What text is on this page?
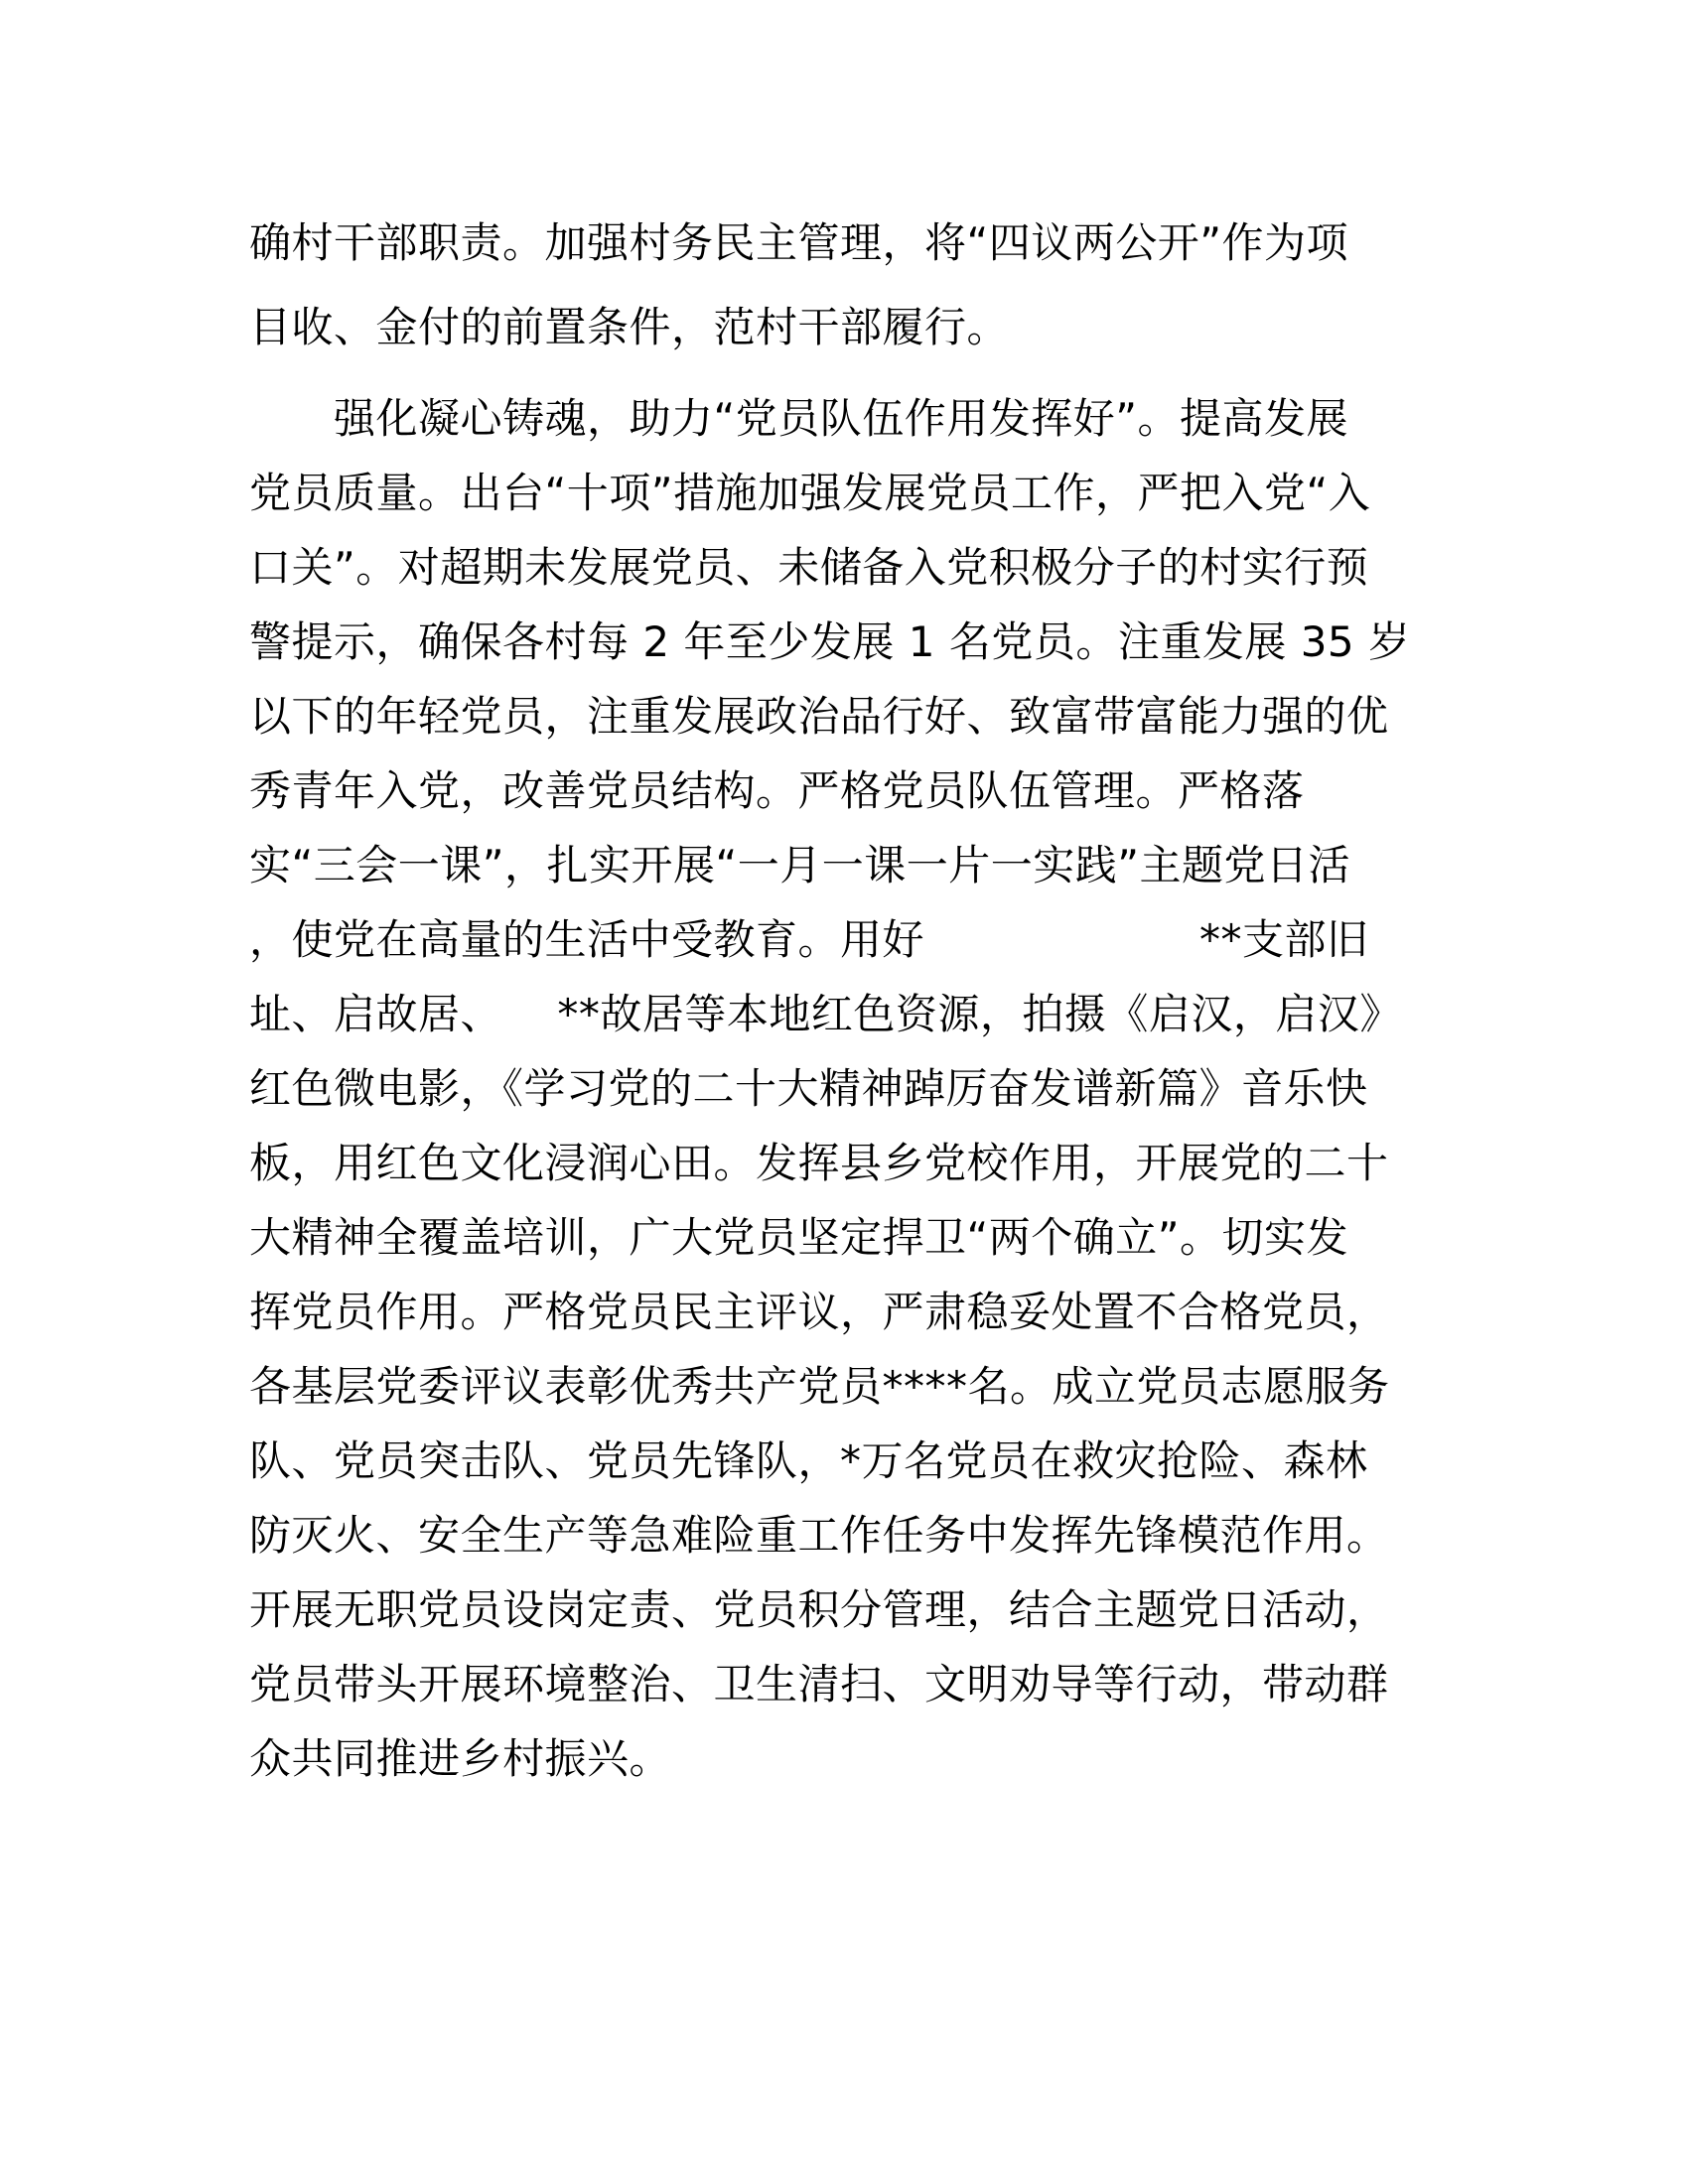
确村干部职责。加强村务民主管理，将“四议两公开”作为项
目收、金付的前置条件，范村干部履行。
　　强化凝心铸魂，助力“党员队伍作用发挥好”。提高发展
党员质量。出台“十项”措施加强发展党员工作，严把入党“入
口关”。对超期未发展党员、未储备入党积极分子的村实行预
警提示，确保各村每 2 年至少发展 1 名党员。注重发展 35 岁
以下的年轻党员，注重发展政治品行好、致富带富能力强的优
秀青年入党，改善党员结构。严格党员队伍管理。严格落
实“三会一课”，扎实开展“一月一课一片一实践”主题党日活
，使党在高量的生活中受教育。用好                    **支部旧
址、启故居、    **故居等本地红色资源，拍摄《启汉，启汉》
红色微电影，《学习党的二十大精神踔厉奋发谱新篇》音乐快
板，用红色文化浸润心田。发挥县乡党校作用，开展党的二十
大精神全覆盖培训，广大党员坚定捍卫“两个确立”。切实发
挥党员作用。严格党员民主评议，严肃稳妥处置不合格党员，
各基层党委评议表彰优秀共产党员****名。成立党员志愿服务
队、党员突击队、党员先锋队，*万名党员在救灾抢险、森林
防灭火、安全生产等急难险重工作任务中发挥先锋模范作用。
开展无职党员设岗定责、党员积分管理，结合主题党日活动，
党员带头开展环境整治、卫生清扫、文明劝导等行动，带动群
众共同推进乡村振兴。
